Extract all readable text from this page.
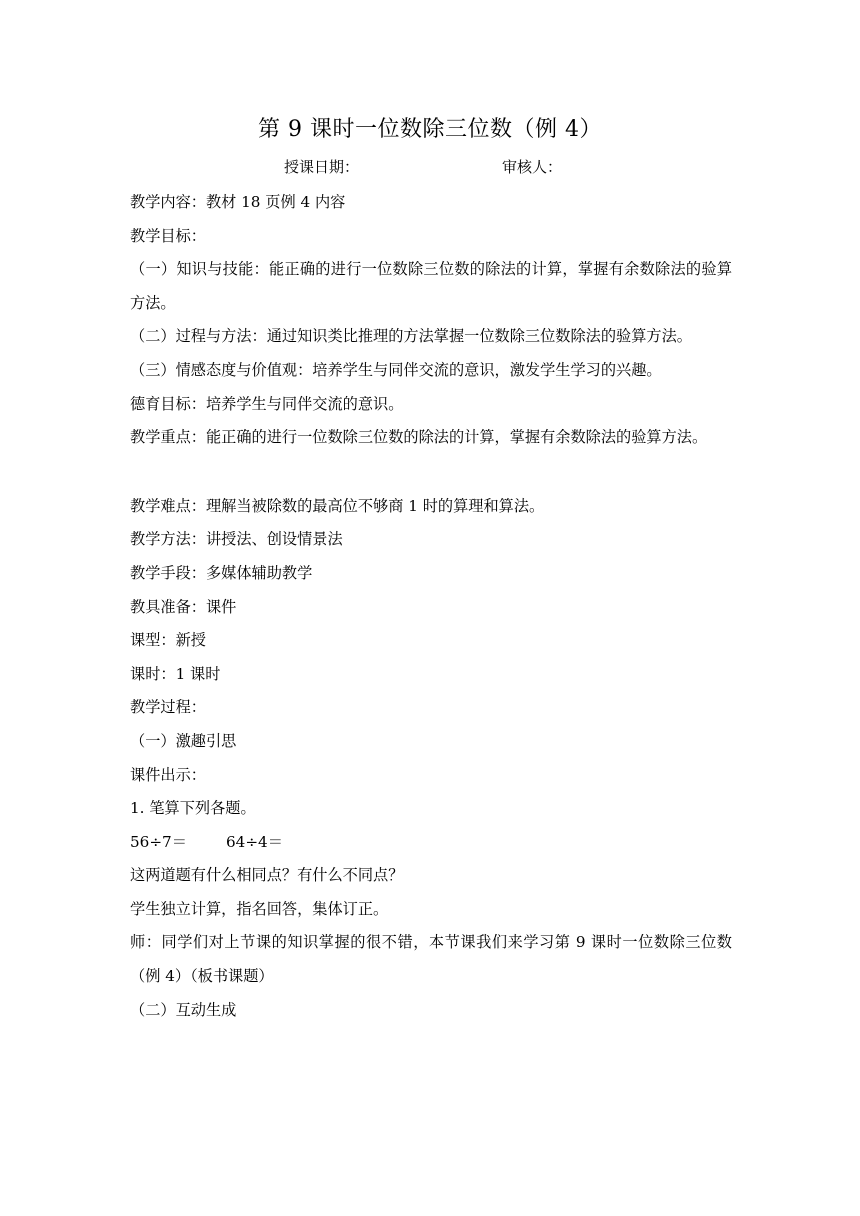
第 9 课时一位数除三位数（例 4）
授课日期：	审核人：

教学内容：教材 18 页例 4 内容

教学目标：

（一）知识与技能：能正确的进行一位数除三位数的除法的计算，掌握有余数除法的验算方法。

（二）过程与方法：通过知识类比推理的方法掌握一位数除三位数除法的验算方法。

（三）情感态度与价值观：培养学生与同伴交流的意识，激发学生学习的兴趣。

德育目标：培养学生与同伴交流的意识。

教学重点：能正确的进行一位数除三位数的除法的计算，掌握有余数除法的验算方法。

教学难点：理解当被除数的最高位不够商 1 时的算理和算法。

教学方法：讲授法、创设情景法

教学手段：多媒体辅助教学

教具准备：课件

课型：新授

课时：1 课时

教学过程：

（一）激趣引思

课件出示：

1. 笔算下列各题。

56÷7＝	64÷4＝

这两道题有什么相同点？有什么不同点？

学生独立计算，指名回答，集体订正。

师：同学们对上节课的知识掌握的很不错，本节课我们来学习第 9 课时一位数除三位数（例 4）（板书课题）

（二）互动生成
